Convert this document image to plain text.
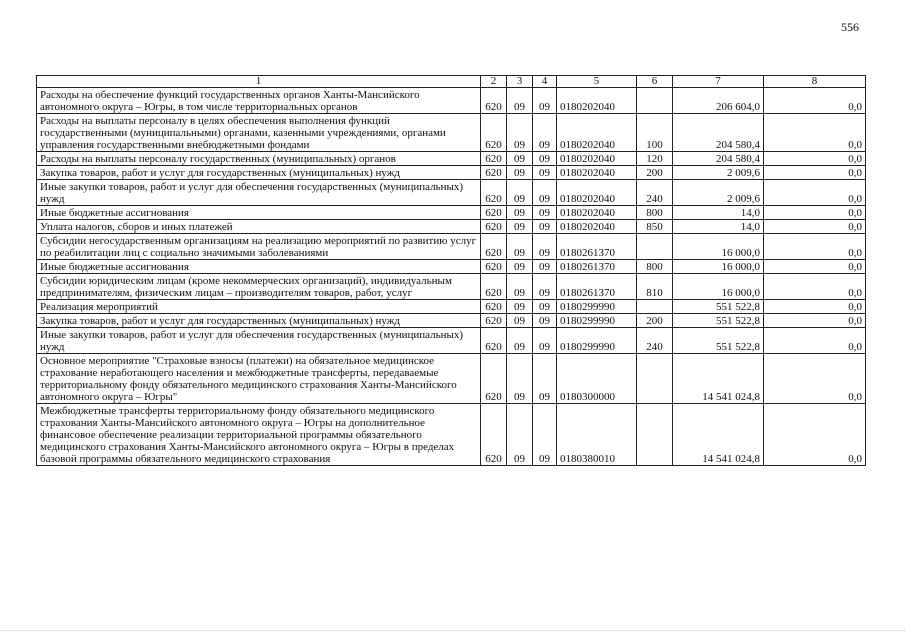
556
1	2	3	4	5	6	7	8
Расходы на обеспечение функций государственных органов Ханты-Мансийского автономного округа – Югры, в том числе территориальных органов	620	09	09	0180202040		206 604,0	0,0
Расходы на выплаты персоналу в целях обеспечения выполнения функций государственными (муниципальными) органами, казенными учреждениями, органами управления государственными внебюджетными фондами	620	09	09	0180202040	100	204 580,4	0,0
Расходы на выплаты персоналу государственных (муниципальных) органов	620	09	09	0180202040	120	204 580,4	0,0
Закупка товаров, работ и услуг для государственных (муниципальных) нужд	620	09	09	0180202040	200	2 009,6	0,0
Иные закупки товаров, работ и услуг для обеспечения государственных (муниципальных) нужд	620	09	09	0180202040	240	2 009,6	0,0
Иные бюджетные ассигнования	620	09	09	0180202040	800	14,0	0,0
Уплата налогов, сборов и иных платежей	620	09	09	0180202040	850	14,0	0,0
Субсидии негосударственным организациям на реализацию мероприятий по развитию услуг по реабилитации лиц с социально значимыми заболеваниями	620	09	09	0180261370		16 000,0	0,0
Иные бюджетные ассигнования	620	09	09	0180261370	800	16 000,0	0,0
Субсидии юридическим лицам (кроме некоммерческих организаций), индивидуальным предпринимателям, физическим лицам – производителям товаров, работ, услуг	620	09	09	0180261370	810	16 000,0	0,0
Реализация мероприятий	620	09	09	0180299990		551 522,8	0,0
Закупка товаров, работ и услуг для государственных (муниципальных) нужд	620	09	09	0180299990	200	551 522,8	0,0
Иные закупки товаров, работ и услуг для обеспечения государственных (муниципальных) нужд	620	09	09	0180299990	240	551 522,8	0,0
Основное мероприятие "Страховые взносы (платежи) на обязательное медицинское страхование неработающего населения и межбюджетные трансферты, передаваемые территориальному фонду обязательного медицинского страхования Ханты-Мансийского автономного округа – Югры"	620	09	09	0180300000		14 541 024,8	0,0
Межбюджетные трансферты территориальному фонду обязательного медицинского страхования Ханты-Мансийского автономного округа – Югры на дополнительное финансовое обеспечение реализации территориальной программы обязательного медицинского страхования Ханты-Мансийского автономного округа – Югры в пределах базовой программы обязательного медицинского страхования	620	09	09	0180380010		14 541 024,8	0,0
